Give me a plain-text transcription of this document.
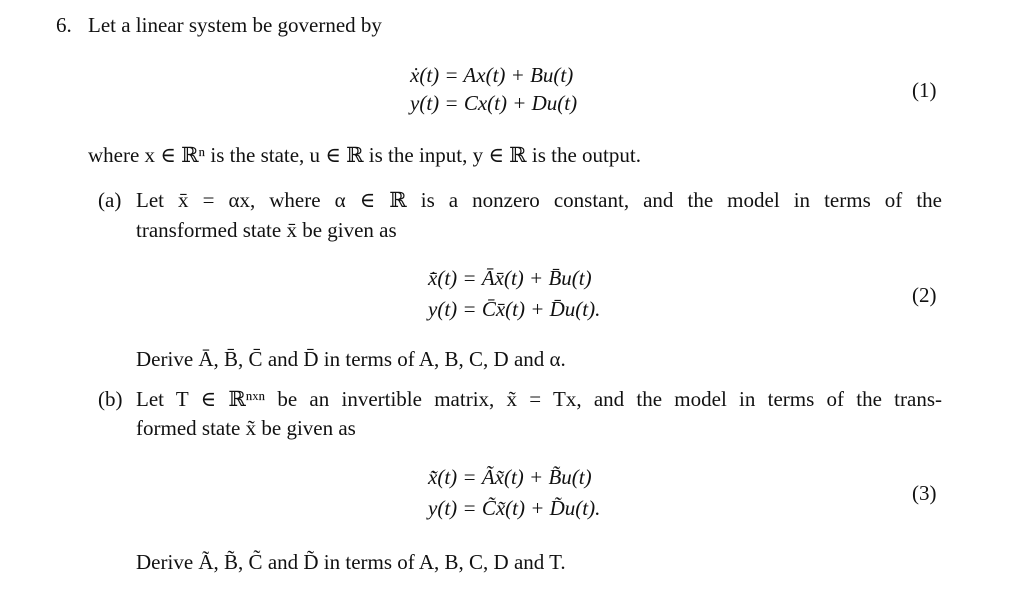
6. Let a linear system be governed by
ẋ(t) = Ax(t) + Bu(t)
y(t) = Cx(t) + Du(t)
(1)
where x ∈ ℝⁿ is the state, u ∈ ℝ is the input, y ∈ ℝ is the output.
(a) Let x̄ = αx, where α ∈ ℝ is a nonzero constant, and the model in terms of the
transformed state x̄ be given as
x̄̇(t) = Āx̄(t) + B̄u(t)
y(t) = C̄x̄(t) + D̄u(t).
(2)
Derive Ā, B̄, C̄ and D̄ in terms of A, B, C, D and α.
(b) Let T ∈ ℝⁿˣⁿ be an invertible matrix, x̃ = Tx, and the model in terms of the trans-
formed state x̃ be given as
x̃̇(t) = Ãx̃(t) + B̃u(t)
y(t) = C̃x̃(t) + D̃u(t).
(3)
Derive Ã, B̃, C̃ and D̃ in terms of A, B, C, D and T.
